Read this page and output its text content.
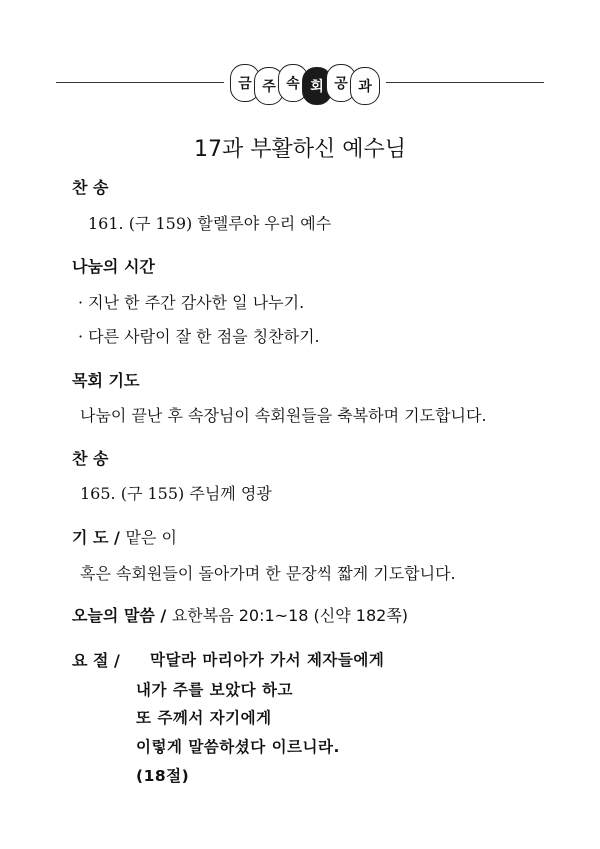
금 주 속 회 공 과
17과 부활하신 예수님
찬 송
161. (구 159) 할렐루야 우리 예수
나눔의 시간
· 지난 한 주간 감사한 일 나누기.
· 다른 사람이 잘 한 점을 칭찬하기.
목회 기도
나눔이 끝난 후 속장님이 속회원들을 축복하며 기도합니다.
찬 송
165. (구 155) 주님께 영광
기 도 / 맡은 이
혹은 속회원들이 돌아가며 한 문장씩 짧게 기도합니다.
오늘의 말씀 / 요한복음 20:1~18 (신약 182쪽)
요 절 / 막달라 마리아가 가서 제자들에게
내가 주를 보았다 하고
또 주께서 자기에게
이렇게 말씀하셨다 이르니라.
(18절)
